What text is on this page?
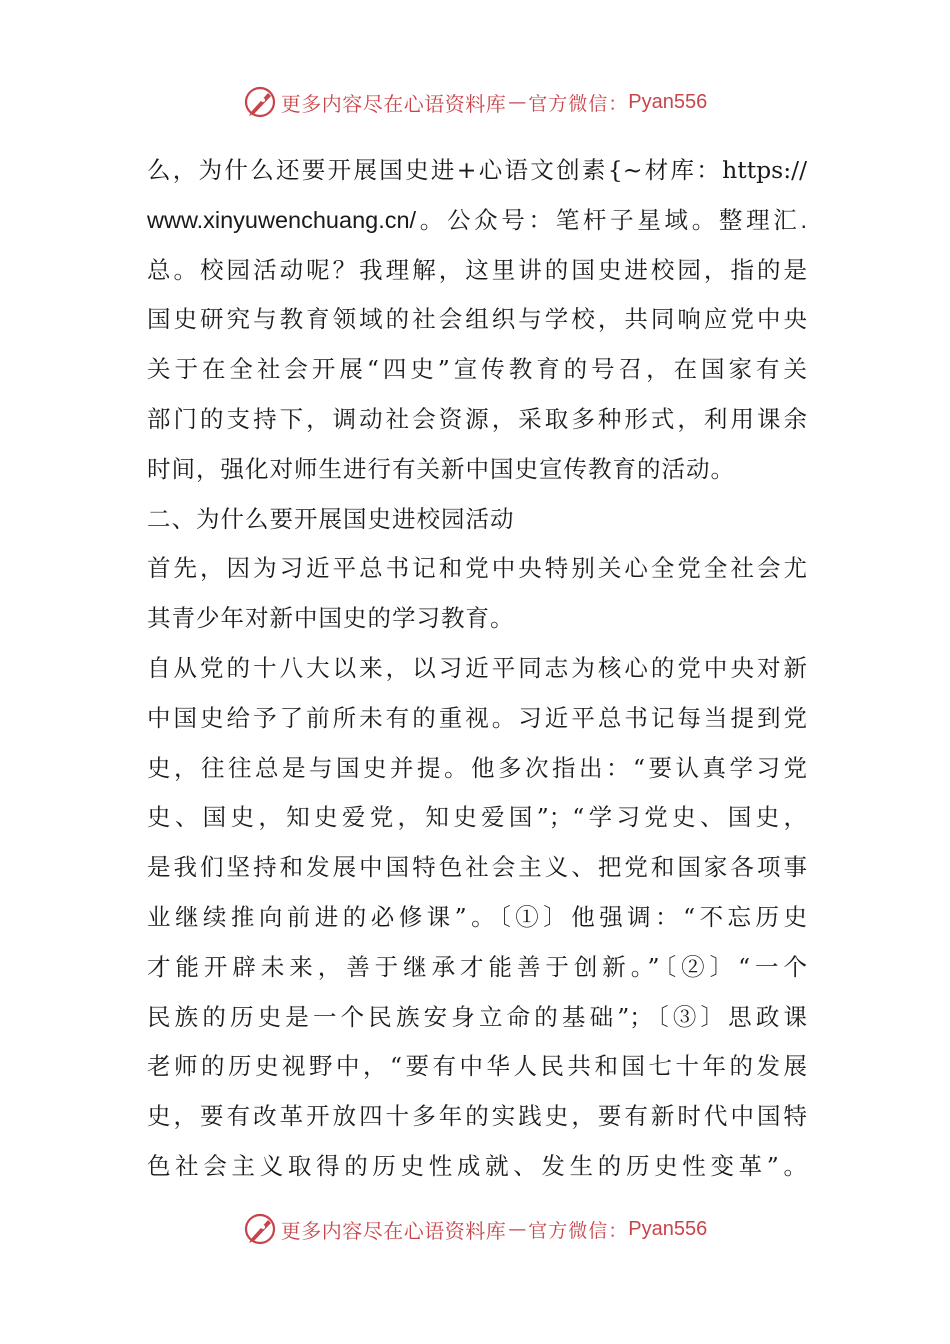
更多内容尽在心语资料库 — 官方微信： Pyan556
么，为什么还要开展国史进+心语文创素{~材库：https://
www.xinyuwenchuang.cn/。公众号：笔杆子星域。整理汇.
总。校园活动呢？我理解，这里讲的国史进校园，指的是
国史研究与教育领域的社会组织与学校，共同响应党中央
关于在全社会开展“四史”宣传教育的号召，在国家有关
部门的支持下，调动社会资源，采取多种形式，利用课余
时间，强化对师生进行有关新中国史宣传教育的活动。
二、为什么要开展国史进校园活动
首先，因为习近平总书记和党中央特别关心全党全社会尤
其青少年对新中国史的学习教育。
自从党的十八大以来，以习近平同志为核心的党中央对新
中国史给予了前所未有的重视。习近平总书记每当提到党
史，往往总是与国史并提。他多次指出：“要认真学习党
史、国史，知史爱党，知史爱国”；“学习党史、国史，
是我们坚持和发展中国特色社会主义、把党和国家各项事
业继续推向前进的必修课”。〔①〕他强调：“不忘历史
才能开辟未来，善于继承才能善于创新。”〔②〕“一个
民族的历史是一个民族安身立命的基础”；〔③〕思政课
老师的历史视野中，“要有中华人民共和国七十年的发展
史，要有改革开放四十多年的实践史，要有新时代中国特
色社会主义取得的历史性成就、发生的历史性变革”。
更多内容尽在心语资料库 — 官方微信： Pyan556
